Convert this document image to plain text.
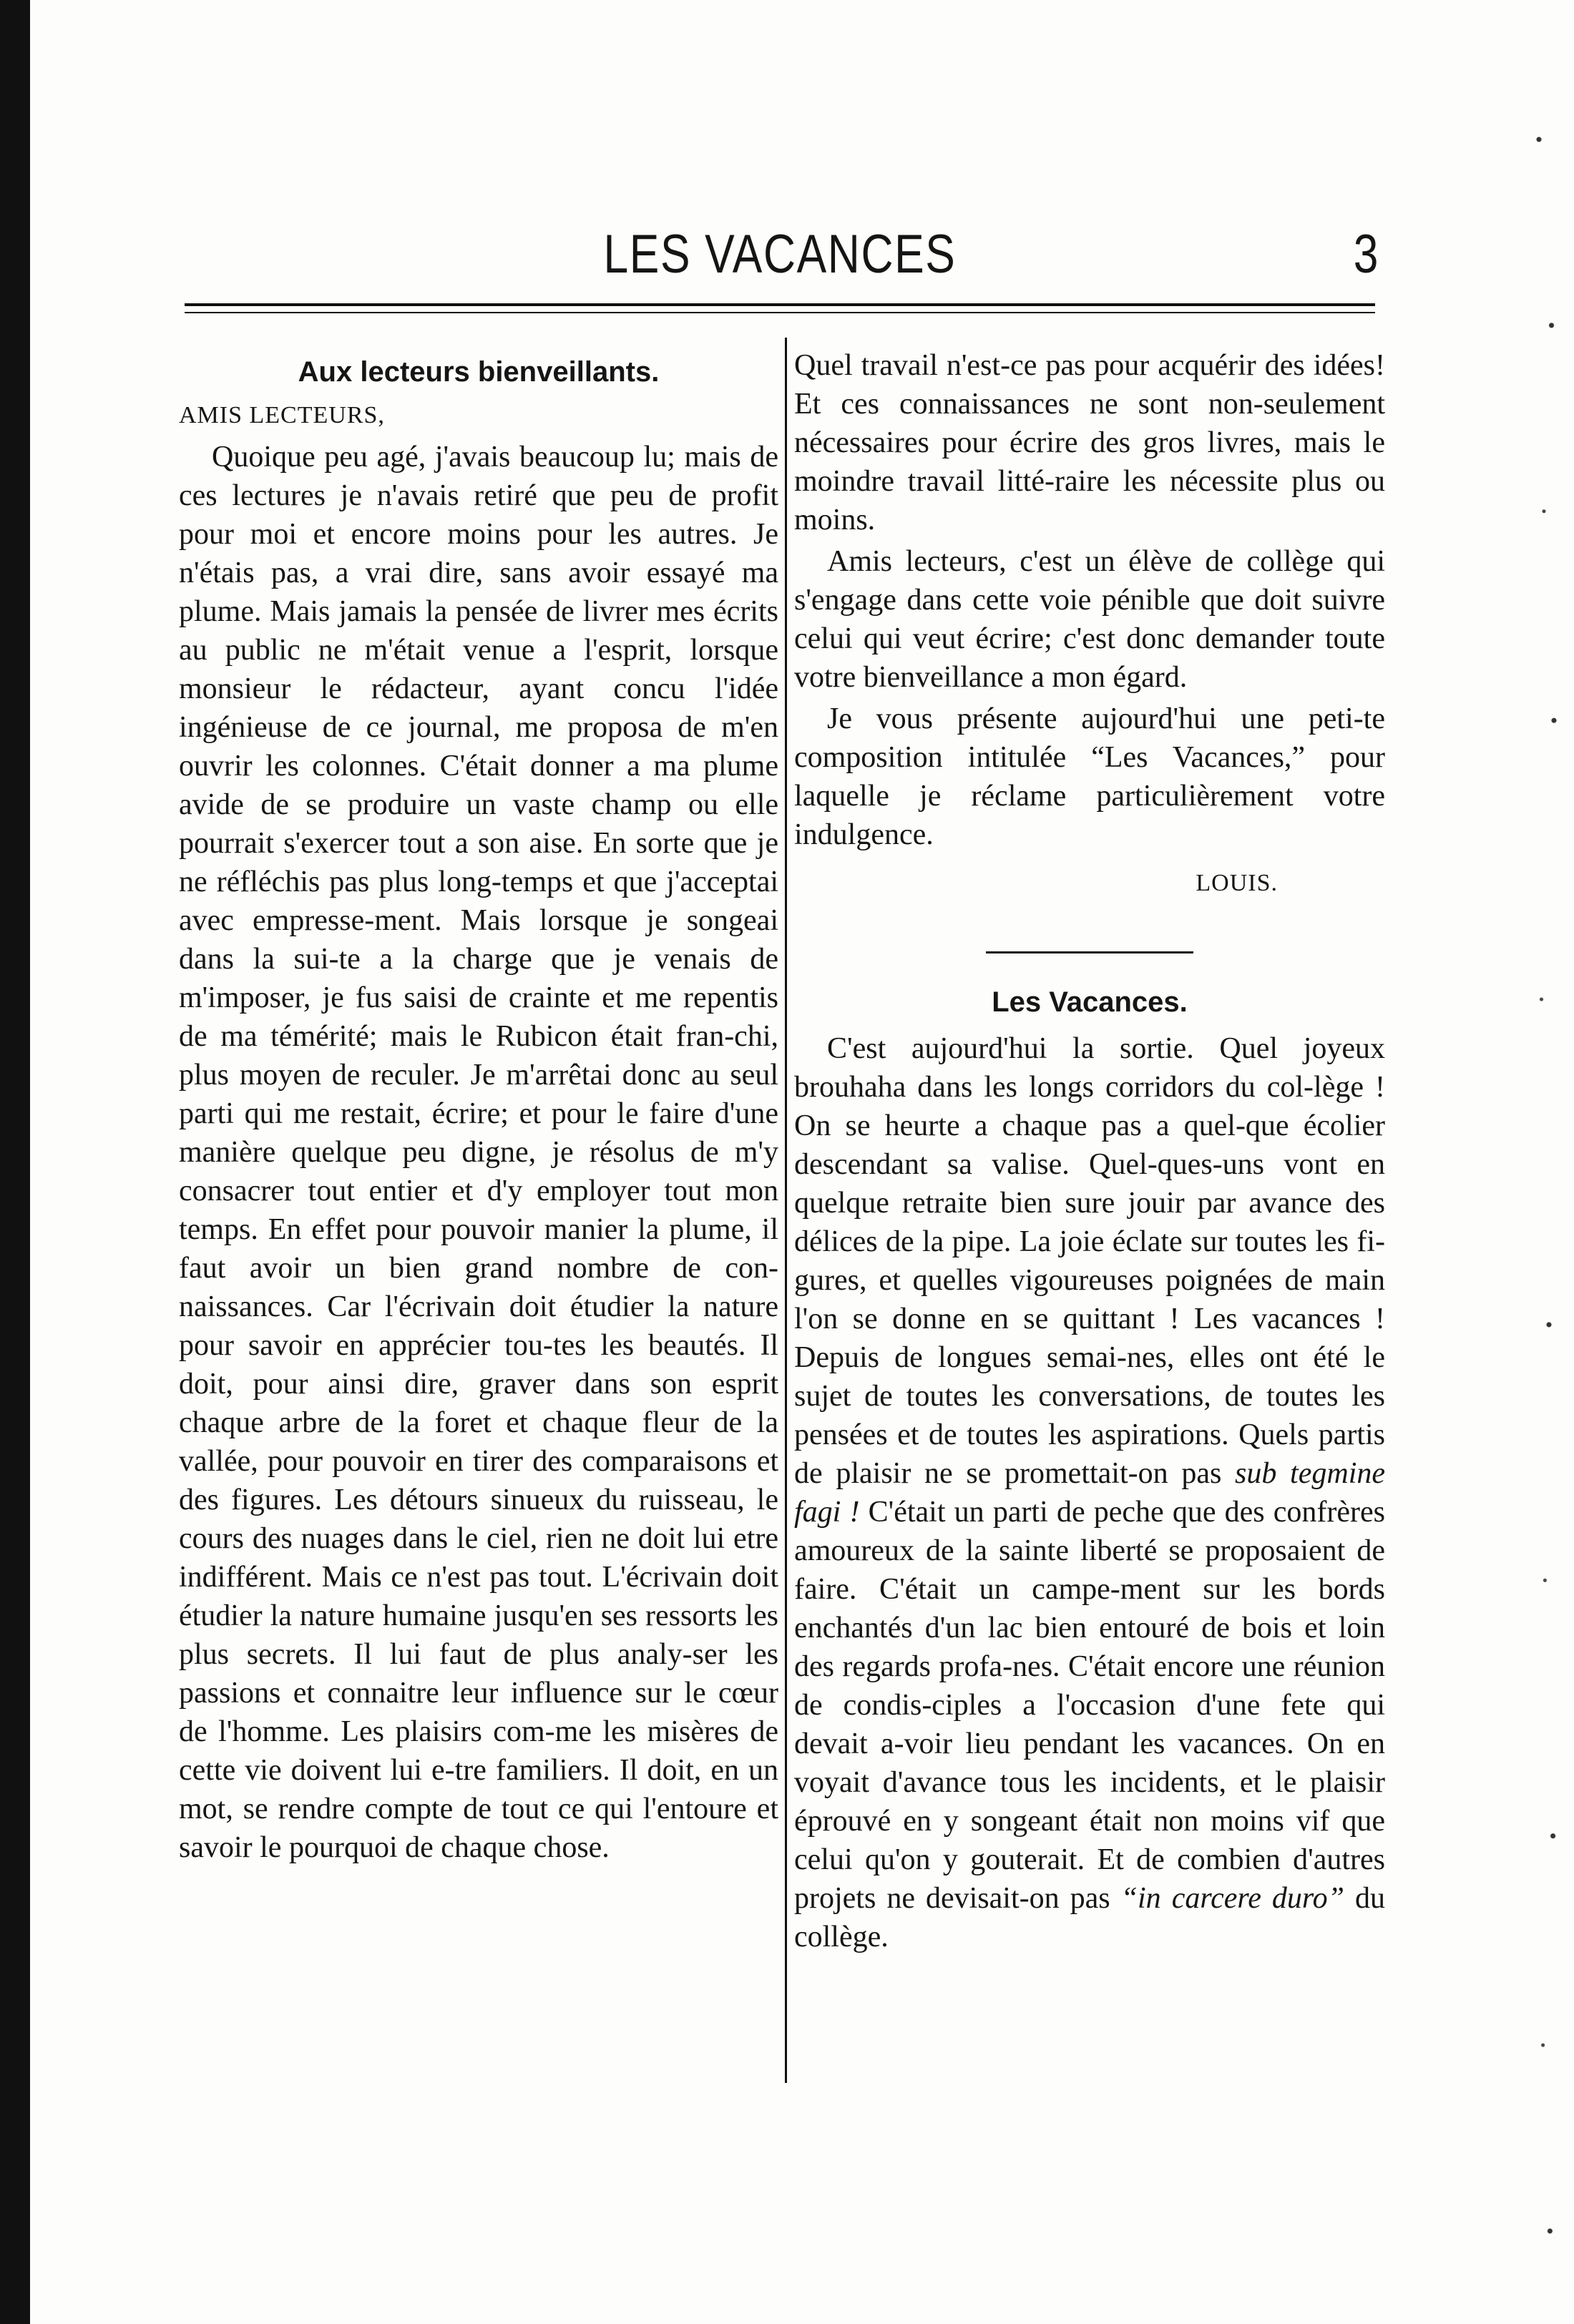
LES VACANCES	3
Aux lecteurs bienveillants.
AMIS LECTEURS,

Quoique peu agé, j'avais beaucoup lu; mais de ces lectures je n'avais retiré que peu de profit pour moi et encore moins pour les autres. Je n'étais pas, a vrai dire, sans avoir essayé ma plume. Mais jamais la pensée de livrer mes écrits au public ne m'était venue a l'esprit, lorsque monsieur le rédacteur, ayant concu l'idée ingénieuse de ce journal, me proposa de m'en ouvrir les colonnes. C'était donner a ma plume avide de se produire un vaste champ ou elle pourrait s'exercer tout a son aise. En sorte que je ne réfléchis pas plus long-temps et que j'acceptai avec empresse-ment. Mais lorsque je songeai dans la sui-te a la charge que je venais de m'imposer, je fus saisi de crainte et me repentis de ma témérité; mais le Rubicon était fran-chi, plus moyen de reculer. Je m'arrêtai donc au seul parti qui me restait, écrire; et pour le faire d'une manière quelque peu digne, je résolus de m'y consacrer tout entier et d'y employer tout mon temps. En effet pour pouvoir manier la plume, il faut avoir un bien grand nombre de con-naissances. Car l'écrivain doit étudier la nature pour savoir en apprécier tou-tes les beautés. Il doit, pour ainsi dire, graver dans son esprit chaque arbre de la foret et chaque fleur de la vallée, pour pouvoir en tirer des comparaisons et des figures. Les détours sinueux du ruisseau, le cours des nuages dans le ciel, rien ne doit lui etre indifférent. Mais ce n'est pas tout. L'écrivain doit étudier la nature humaine jusqu'en ses ressorts les plus secrets. Il lui faut de plus analy-ser les passions et connaitre leur influence sur le cœur de l'homme. Les plaisirs com-me les misères de cette vie doivent lui e-tre familiers. Il doit, en un mot, se rendre compte de tout ce qui l'entoure et savoir le pourquoi de chaque chose.

Quel travail n'est-ce pas pour acquérir des idées! Et ces connaissances ne sont non-seulement nécessaires pour écrire des gros livres, mais le moindre travail litté-raire les nécessite plus ou moins.

Amis lecteurs, c'est un élève de collège qui s'engage dans cette voie pénible que doit suivre celui qui veut écrire; c'est donc demander toute votre bienveillance a mon égard.

Je vous présente aujourd'hui une peti-te composition intitulée “Les Vacances,” pour laquelle je réclame particulièrement votre indulgence.

LOUIS.
Les Vacances.

C'est aujourd'hui la sortie. Quel joyeux brouhaha dans les longs corridors du col-lège ! On se heurte a chaque pas a quel-que écolier descendant sa valise. Quel-ques-uns vont en quelque retraite bien sure jouir par avance des délices de la pipe. La joie éclate sur toutes les fi-gures, et quelles vigoureuses poignées de main l'on se donne en se quittant ! Les vacances ! Depuis de longues semai-nes, elles ont été le sujet de toutes les conversations, de toutes les pensées et de toutes les aspirations. Quels partis de plaisir ne se promettait-on pas sub tegmine fagi ! C'était un parti de peche que des confrères amoureux de la sainte liberté se proposaient de faire. C'était un campe-ment sur les bords enchantés d'un lac bien entouré de bois et loin des regards profa-nes. C'était encore une réunion de condis-ciples a l'occasion d'une fete qui devait a-voir lieu pendant les vacances. On en voyait d'avance tous les incidents, et le plaisir éprouvé en y songeant était non moins vif que celui qu'on y gouterait. Et de combien d'autres projets ne devisait-on pas “in carcere duro” du collège.
